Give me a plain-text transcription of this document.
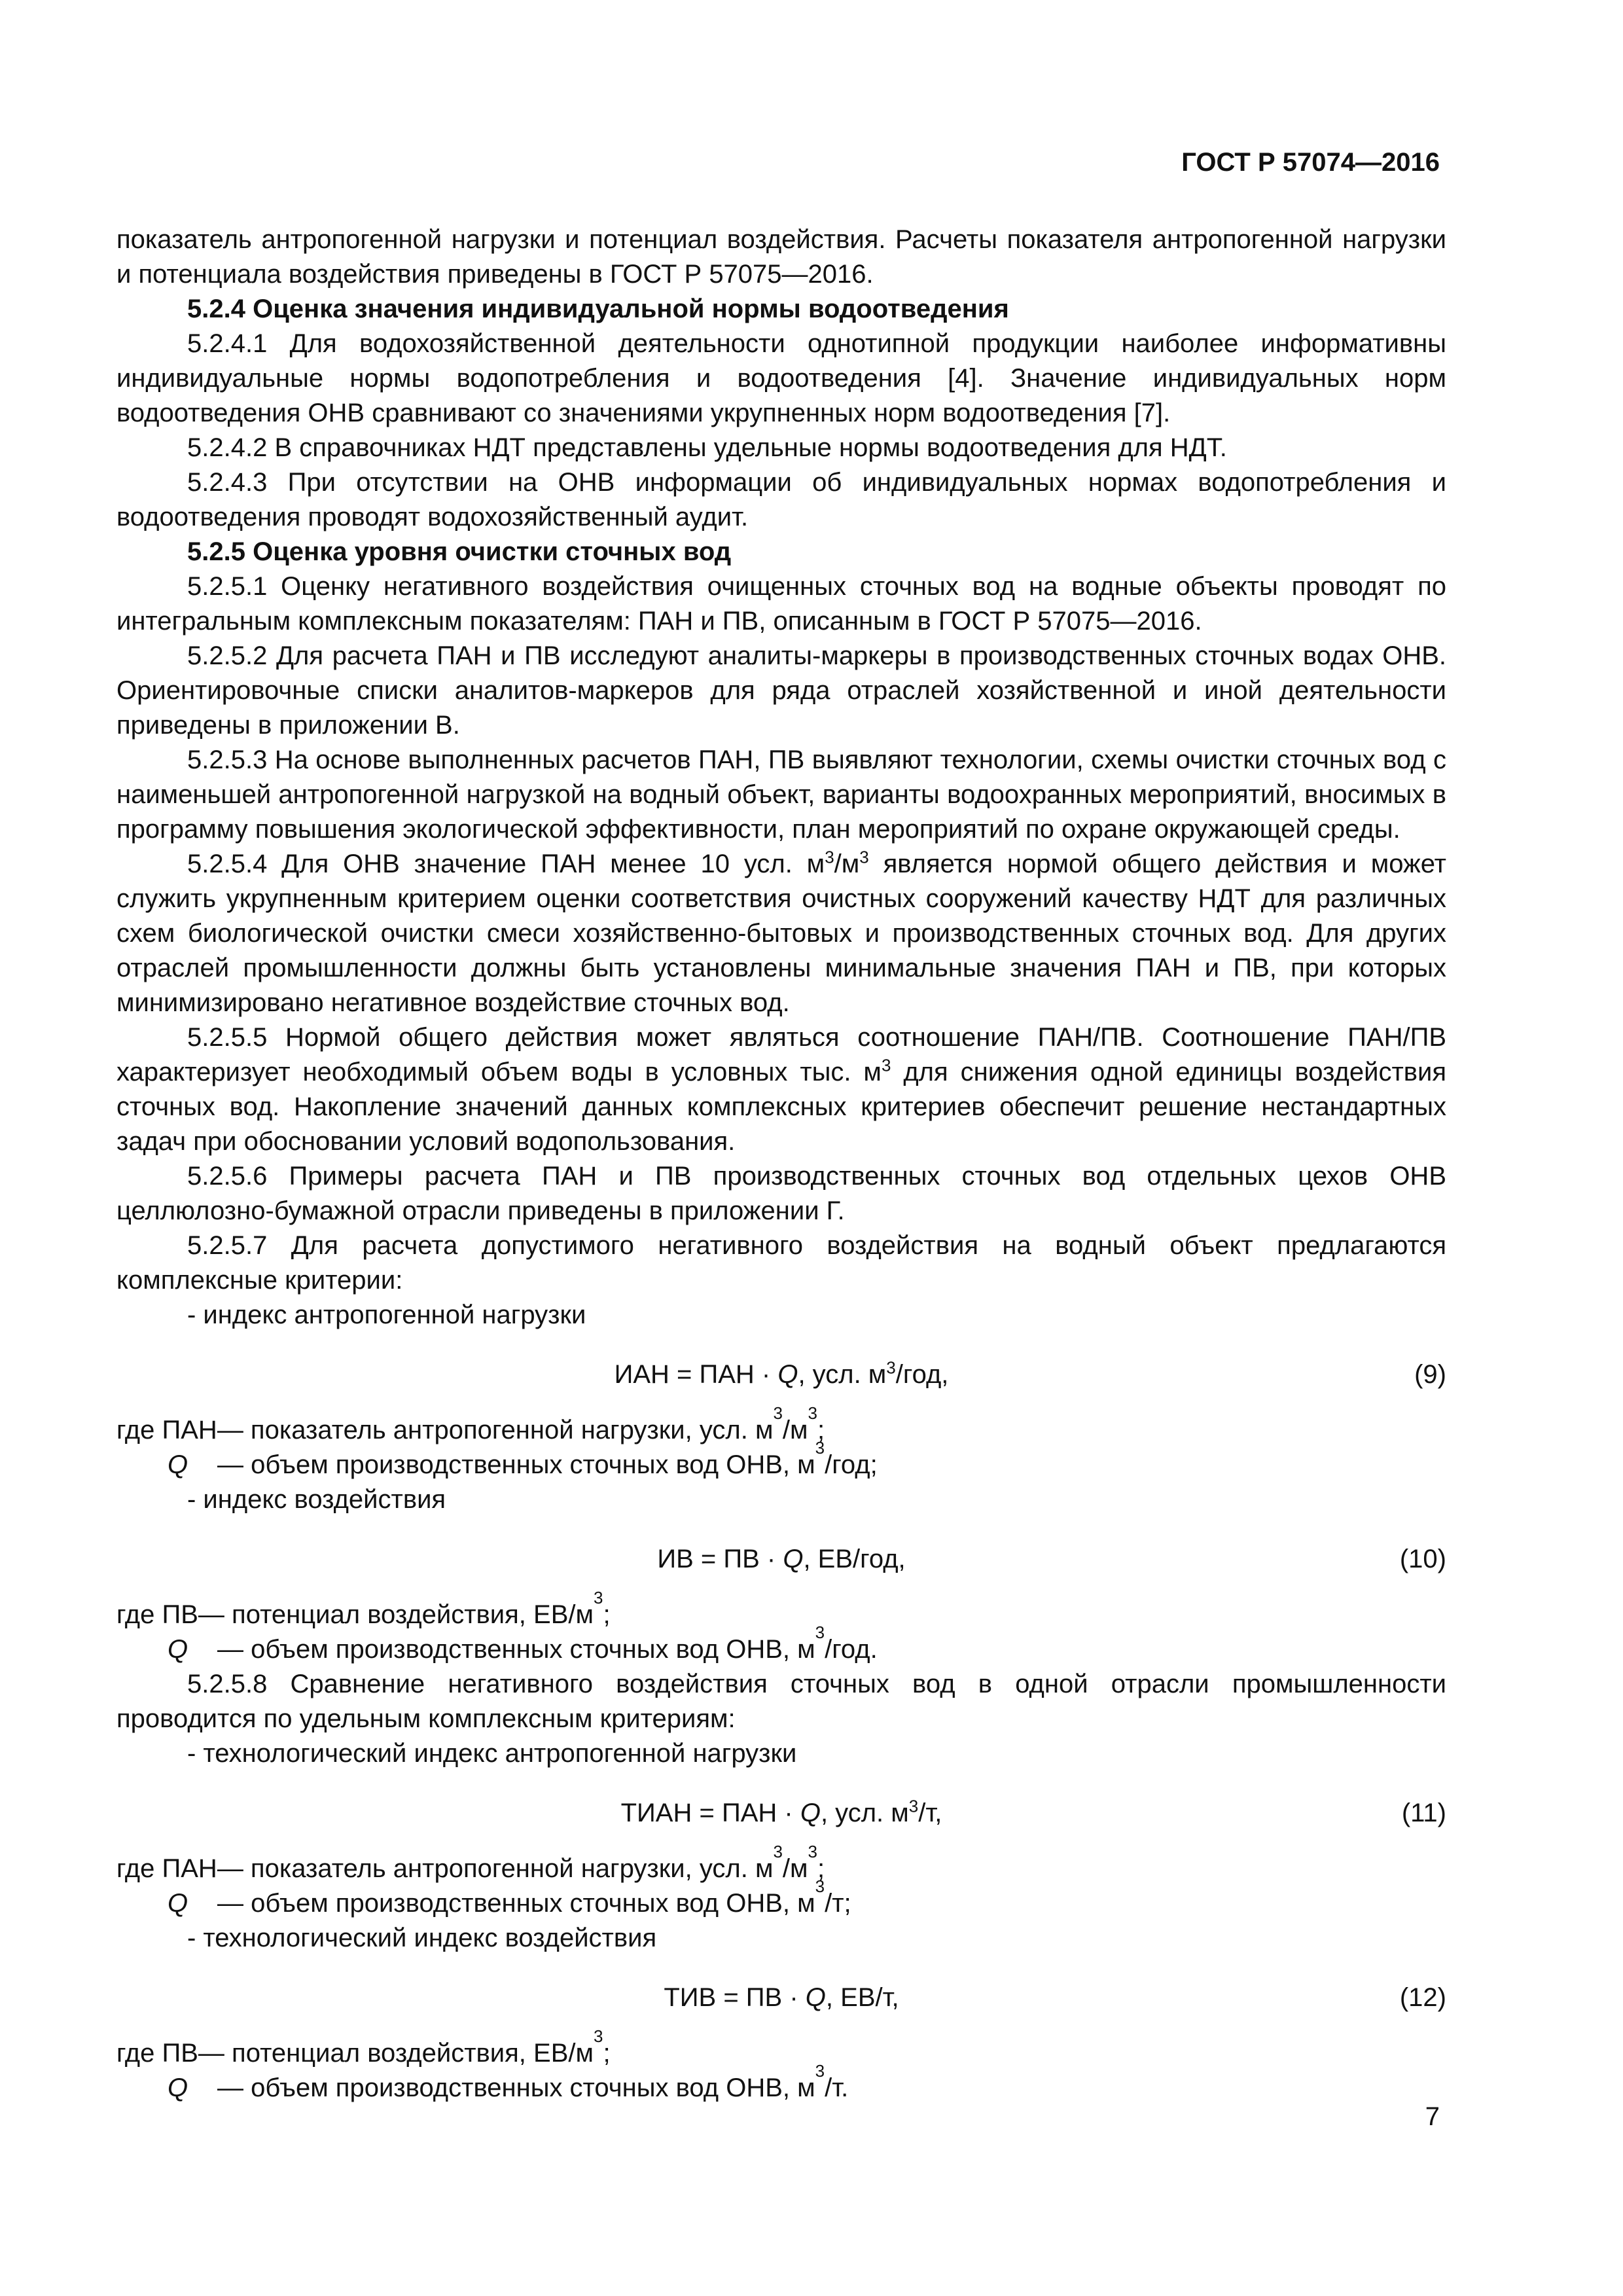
ГОСТ Р 57074—2016
показатель антропогенной нагрузки и потенциал воздействия. Расчеты показателя антропогенной нагрузки и потенциала воздействия приведены в ГОСТ Р 57075—2016.
5.2.4 Оценка значения индивидуальной нормы водоотведения
5.2.4.1 Для водохозяйственной деятельности однотипной продукции наиболее информативны индивидуальные нормы водопотребления и водоотведения [4]. Значение индивидуальных норм водоотведения ОНВ сравнивают со значениями укрупненных норм водоотведения [7].
5.2.4.2 В справочниках НДТ представлены удельные нормы водоотведения для НДТ.
5.2.4.3 При отсутствии на ОНВ информации об индивидуальных нормах водопотребления и водоотведения проводят водохозяйственный аудит.
5.2.5 Оценка уровня очистки сточных вод
5.2.5.1 Оценку негативного воздействия очищенных сточных вод на водные объекты проводят по интегральным комплексным показателям: ПАН и ПВ, описанным в ГОСТ Р 57075—2016.
5.2.5.2 Для расчета ПАН и ПВ исследуют аналиты-маркеры в производственных сточных водах ОНВ. Ориентировочные списки аналитов-маркеров для ряда отраслей хозяйственной и иной деятельности приведены в приложении В.
5.2.5.3 На основе выполненных расчетов ПАН, ПВ выявляют технологии, схемы очистки сточных вод с наименьшей антропогенной нагрузкой на водный объект, варианты водоохранных мероприятий, вносимых в программу повышения экологической эффективности, план мероприятий по охране окружающей среды.
5.2.5.4 Для ОНВ значение ПАН менее 10 усл. $м^3/м^3$ является нормой общего действия и может служить укрупненным критерием оценки соответствия очистных сооружений качеству НДТ для различных схем биологической очистки смеси хозяйственно-бытовых и производственных сточных вод. Для других отраслей промышленности должны быть установлены минимальные значения ПАН и ПВ, при которых минимизировано негативное воздействие сточных вод.
5.2.5.5 Нормой общего действия может являться соотношение ПАН/ПВ. Соотношение ПАН/ПВ характеризует необходимый объем воды в условных тыс. $м^3$ для снижения одной единицы воздействия сточных вод. Накопление значений данных комплексных критериев обеспечит решение нестандартных задач при обосновании условий водопользования.
5.2.5.6 Примеры расчета ПАН и ПВ производственных сточных вод отдельных цехов ОНВ целлюлозно-бумажной отрасли приведены в приложении Г.
5.2.5.7 Для расчета допустимого негативного воздействия на водный объект предлагаются комплексные критерии:
- индекс антропогенной нагрузки
ИАН = ПАН · Q, усл. $м^3$/год,	(9)
где ПАН — показатель антропогенной нагрузки, усл. м
3
/м
3
;
Q	— объем производственных сточных вод ОНВ, м
3
/год;
- индекс воздействия
ИВ = ПВ · Q, ЕВ/год,	(10)
где ПВ — потенциал воздействия, ЕВ/м
3
;
Q	— объем производственных сточных вод ОНВ, м
3
/год.
5.2.5.8 Сравнение негативного воздействия сточных вод в одной отрасли промышленности проводится по удельным комплексным критериям:
- технологический индекс антропогенной нагрузки
ТИАН = ПАН · Q, усл. $м^3/т$,	(11)
где ПАН — показатель антропогенной нагрузки, усл. м
3
/м
3
;
Q	— объем производственных сточных вод ОНВ, м
3
/т;
- технологический индекс воздействия
ТИВ = ПВ · Q, ЕВ/т,	(12)
где ПВ — потенциал воздействия, ЕВ/м
3
;
Q	— объем производственных сточных вод ОНВ, м
3
/т.
7
